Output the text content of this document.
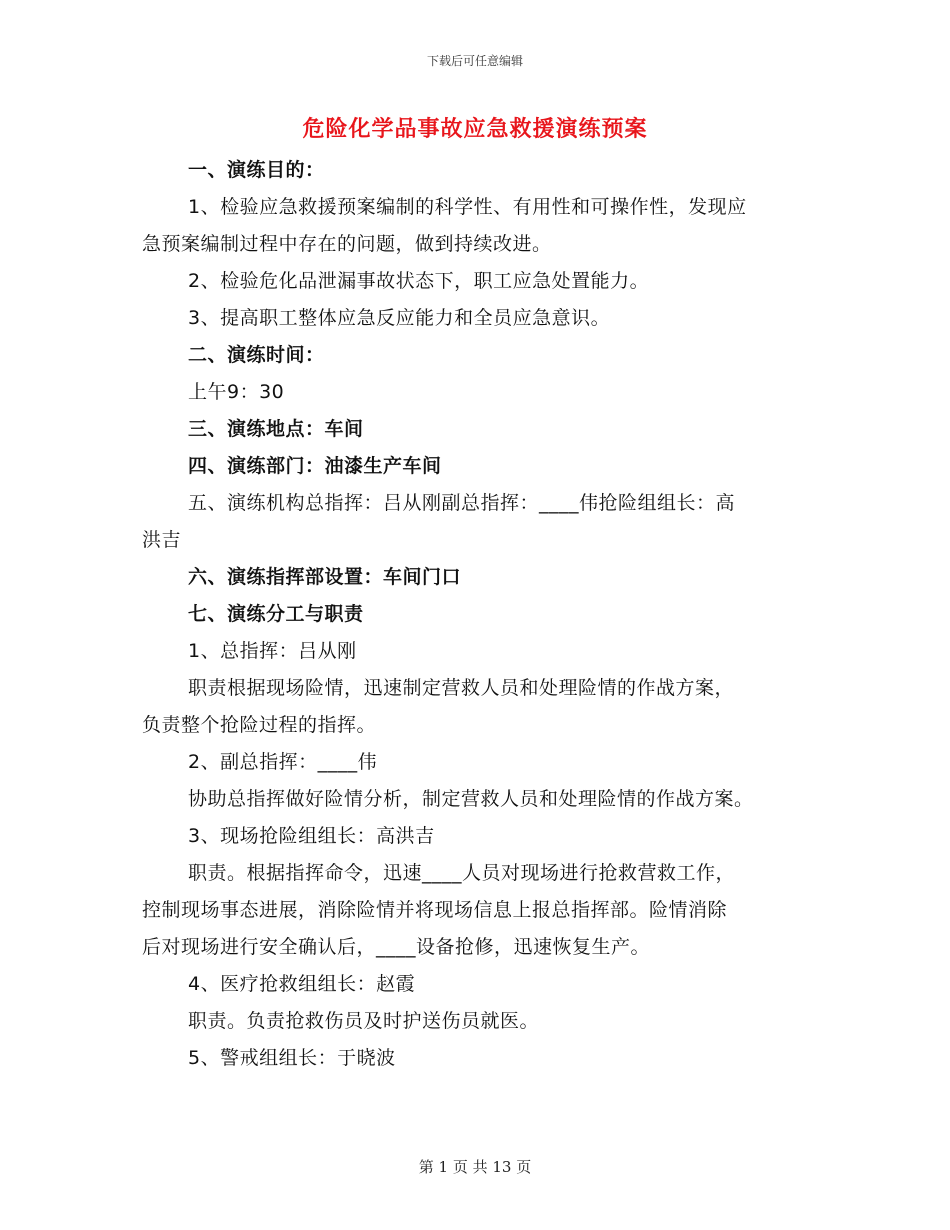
下载后可任意编辑
危险化学品事故应急救援演练预案
一、演练目的：
1、检验应急救援预案编制的科学性、有用性和可操作性，发现应
急预案编制过程中存在的问题，做到持续改进。
2、检验危化品泄漏事故状态下，职工应急处置能力。
3、提高职工整体应急反应能力和全员应急意识。
二、演练时间：
上午9：30
三、演练地点：车间
四、演练部门：油漆生产车间
五、演练机构总指挥：吕从刚副总指挥：____伟抢险组组长：高
洪吉
六、演练指挥部设置：车间门口
七、演练分工与职责
1、总指挥：吕从刚
职责根据现场险情，迅速制定营救人员和处理险情的作战方案，
负责整个抢险过程的指挥。
2、副总指挥：____伟
协助总指挥做好险情分析，制定营救人员和处理险情的作战方案。
3、现场抢险组组长：高洪吉
职责。根据指挥命令，迅速____人员对现场进行抢救营救工作，
控制现场事态进展，消除险情并将现场信息上报总指挥部。险情消除
后对现场进行安全确认后，____设备抢修，迅速恢复生产。
4、医疗抢救组组长：赵霞
职责。负责抢救伤员及时护送伤员就医。
5、警戒组组长：于晓波
第 1 页 共 13 页
